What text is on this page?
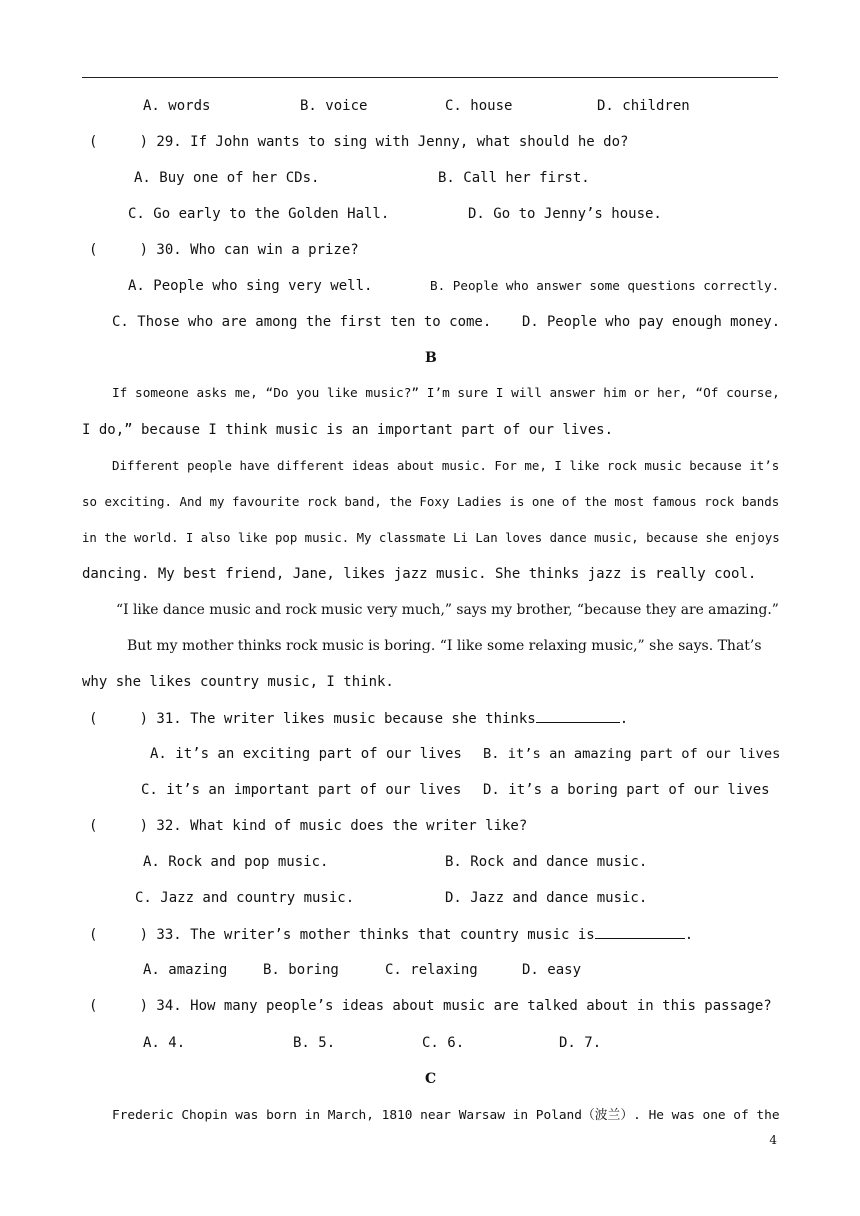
A. words	B. voice	C. house	D. children
(     ) 29. If John wants to sing with Jenny, what should he do?
A. Buy one of her CDs.	B. Call her first.
C. Go early to the Golden Hall.	D. Go to Jenny’s house.
(     ) 30. Who can win a prize?
A. People who sing very well.	B. People who answer some questions correctly.
C. Those who are among the first ten to come. D. People who pay enough money.
B
If someone asks me, “Do you like music?” I’m sure I will answer him or her, “Of course,
I do,” because I think music is an important part of our lives.
Different people have different ideas about music. For me, I like rock music because it’s
so exciting. And my favourite rock band, the Foxy Ladies is one of the most famous rock bands
in the world. I also like pop music. My classmate Li Lan loves dance music, because she enjoys
dancing. My best friend, Jane, likes jazz music. She thinks jazz is really cool.
“I like dance music and rock music very much,” says my brother, “because they are amazing.”
But my mother thinks rock music is boring. “I like some relaxing music,” she says. That’s
why she likes country music, I think.
(     ) 31. The writer likes music because she thinks	.
A. it’s an exciting part of our lives B. it’s an amazing part of our lives
C. it’s an important part of our lives D. it’s a boring part of our lives
(     ) 32. What kind of music does the writer like?
A. Rock and pop music.	B. Rock and dance music.
C. Jazz and country music.	D. Jazz and dance music.
(     ) 33. The writer’s mother thinks that country music is	.
A. amazing	B. boring	C. relaxing	D. easy
(     ) 34. How many people’s ideas about music are talked about in this passage?
A. 4.	B. 5.	C. 6.	D. 7.
C
Frederic Chopin was born in March, 1810 near Warsaw in Poland（波兰）. He was one of the
4
